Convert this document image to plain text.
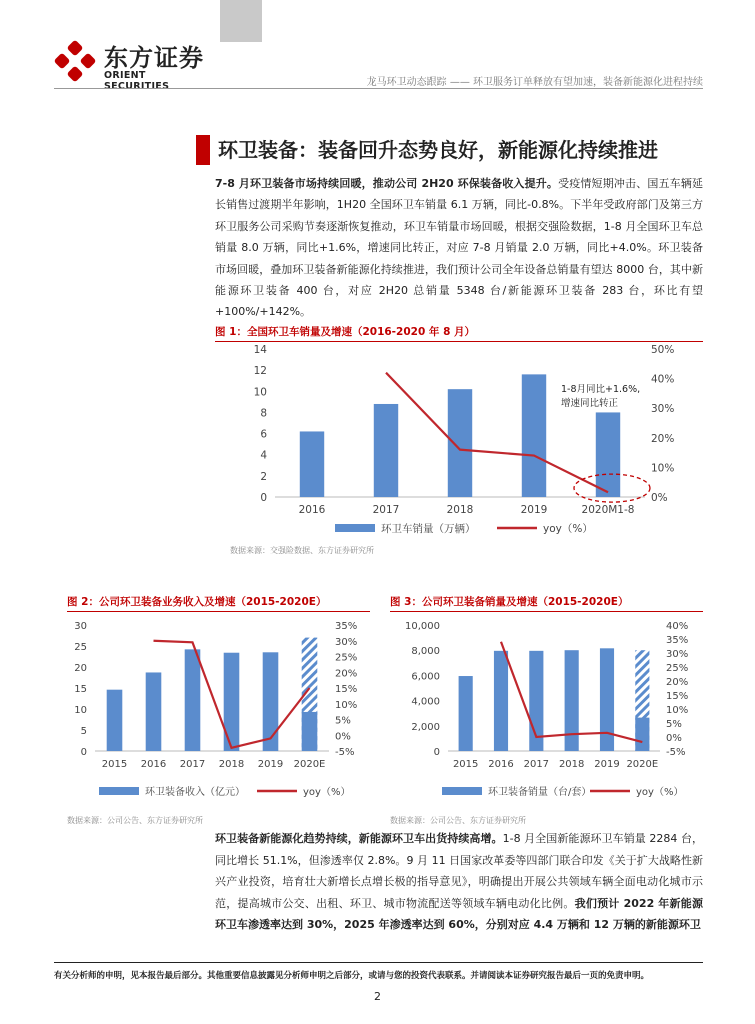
东方证券
ORIENT SECURITIES	龙马环卫动态跟踪 —— 环卫服务订单释放有望加速，装备新能源化进程持续
环卫装备：装备回升态势良好，新能源化持续推进
7-8 月环卫装备市场持续回暖，推动公司 2H20 环保装备收入提升。受疫情短期冲击、国五车辆延长销售过渡期半年影响，1H20 全国环卫车销量 6.1 万辆，同比-0.8%。下半年受政府部门及第三方环卫服务公司采购节奏逐渐恢复推动，环卫车销量市场回暖，根据交强险数据，1-8 月全国环卫车总销量 8.0 万辆，同比+1.6%，增速同比转正，对应 7-8 月销量 2.0 万辆，同比+4.0%。环卫装备市场回暖，叠加环卫装备新能源化持续推进，我们预计公司全年设备总销量有望达 8000 台，其中新能源环卫装备 400 台，对应 2H20 总销量 5348 台/新能源环卫装备 283 台，环比有望+100%/+142%。
图 1：全国环卫车销量及增速（2016-2020 年 8 月）
0
2
4
6
8
10
12
14
0%
10%
20%
30%
40%
50%
2016	2017	2018	2019	2020M1-8
环卫车销量（万辆）	yoy（%）
1-8月同比+1.6%,
增速同比转正
数据来源：交强险数据、东方证券研究所
图 2：公司环卫装备业务收入及增速（2015-2020E）
0
5
10
15
20
25
30
-5%
0%
5%
10%
15%
20%
25%
30%
35%
2015 2016 2017 2018 2019 2020E
环卫装备收入（亿元）	yoy（%）
数据来源：公司公告、东方证券研究所
图 3：公司环卫装备销量及增速（2015-2020E）
0
2,000
4,000
6,000
8,000
10,000
-5%
0%
5%
10%
15%
20%
25%
30%
35%
40%
2015 2016 2017 2018 2019 2020E
环卫装备销量（台/套）	yoy（%）
数据来源：公司公告、东方证券研究所
环卫装备新能源化趋势持续，新能源环卫车出货持续高增。1-8 月全国新能源环卫车销量 2284 台，同比增长 51.1%，但渗透率仅 2.8%。9 月 11 日国家改革委等四部门联合印发《关于扩大战略性新兴产业投资，培育壮大新增长点增长极的指导意见》，明确提出开展公共领域车辆全面电动化城市示范，提高城市公交、出租、环卫、城市物流配送等领域车辆电动化比例。我们预计 2022 年新能源环卫车渗透率达到 30%，2025 年渗透率达到 60%，分别对应 4.4 万辆和 12 万辆的新能源环卫
有关分析师的申明，见本报告最后部分。其他重要信息披露见分析师申明之后部分，或请与您的投资代表联系。并请阅读本证券研究报告最后一页的免责申明。
2
